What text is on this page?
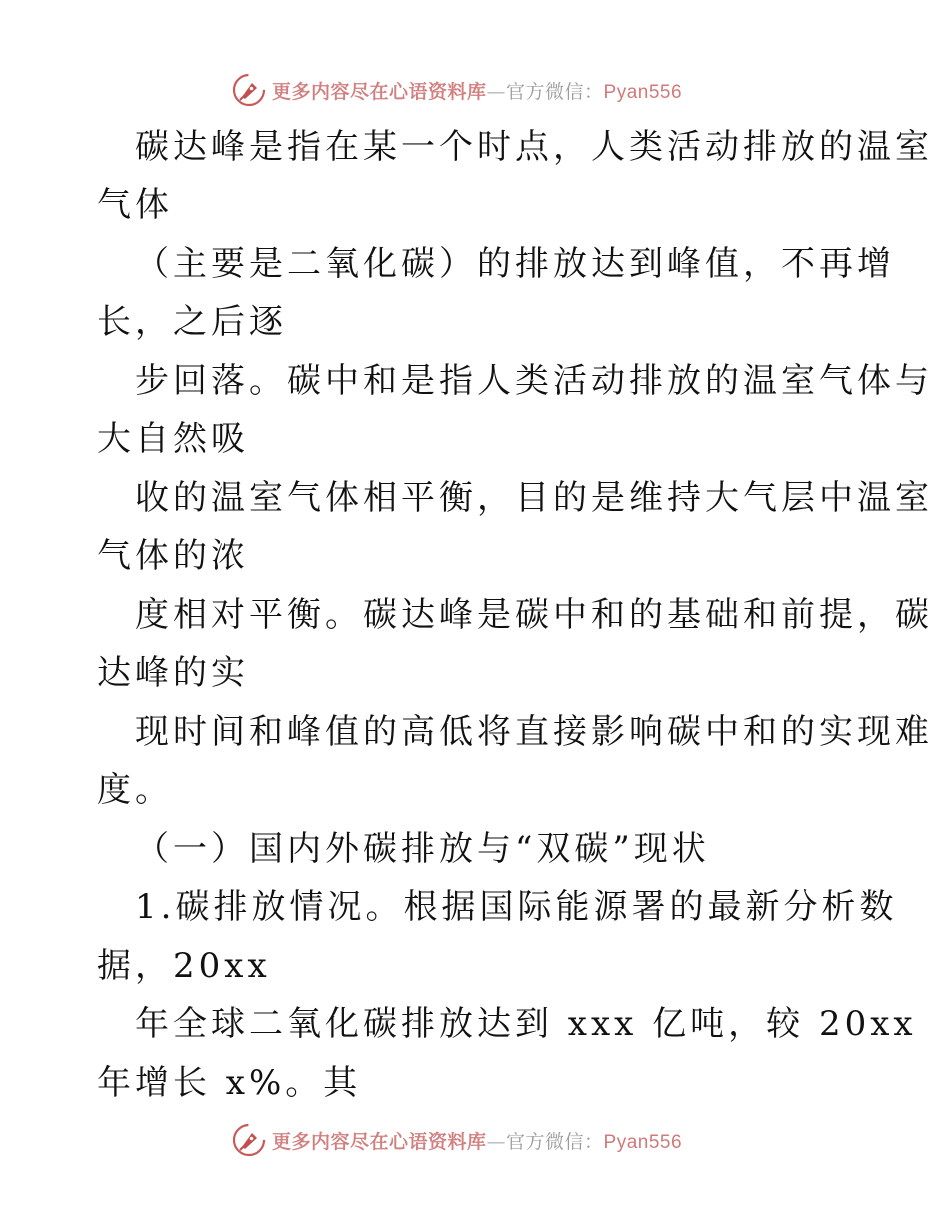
更多内容尽在心语资料库—官方微信：Pyan556
碳达峰是指在某一个时点，人类活动排放的温室
气体
（主要是二氧化碳）的排放达到峰值，不再增
长，之后逐
步回落。碳中和是指人类活动排放的温室气体与
大自然吸
收的温室气体相平衡，目的是维持大气层中温室
气体的浓
度相对平衡。碳达峰是碳中和的基础和前提，碳
达峰的实
现时间和峰值的高低将直接影响碳中和的实现难
度。
（一）国内外碳排放与“双碳”现状
1.碳排放情况。根据国际能源署的最新分析数
据，20xx
年全球二氧化碳排放达到 xxx 亿吨，较 20xx
年增长 x%。其
更多内容尽在心语资料库—官方微信：Pyan556
